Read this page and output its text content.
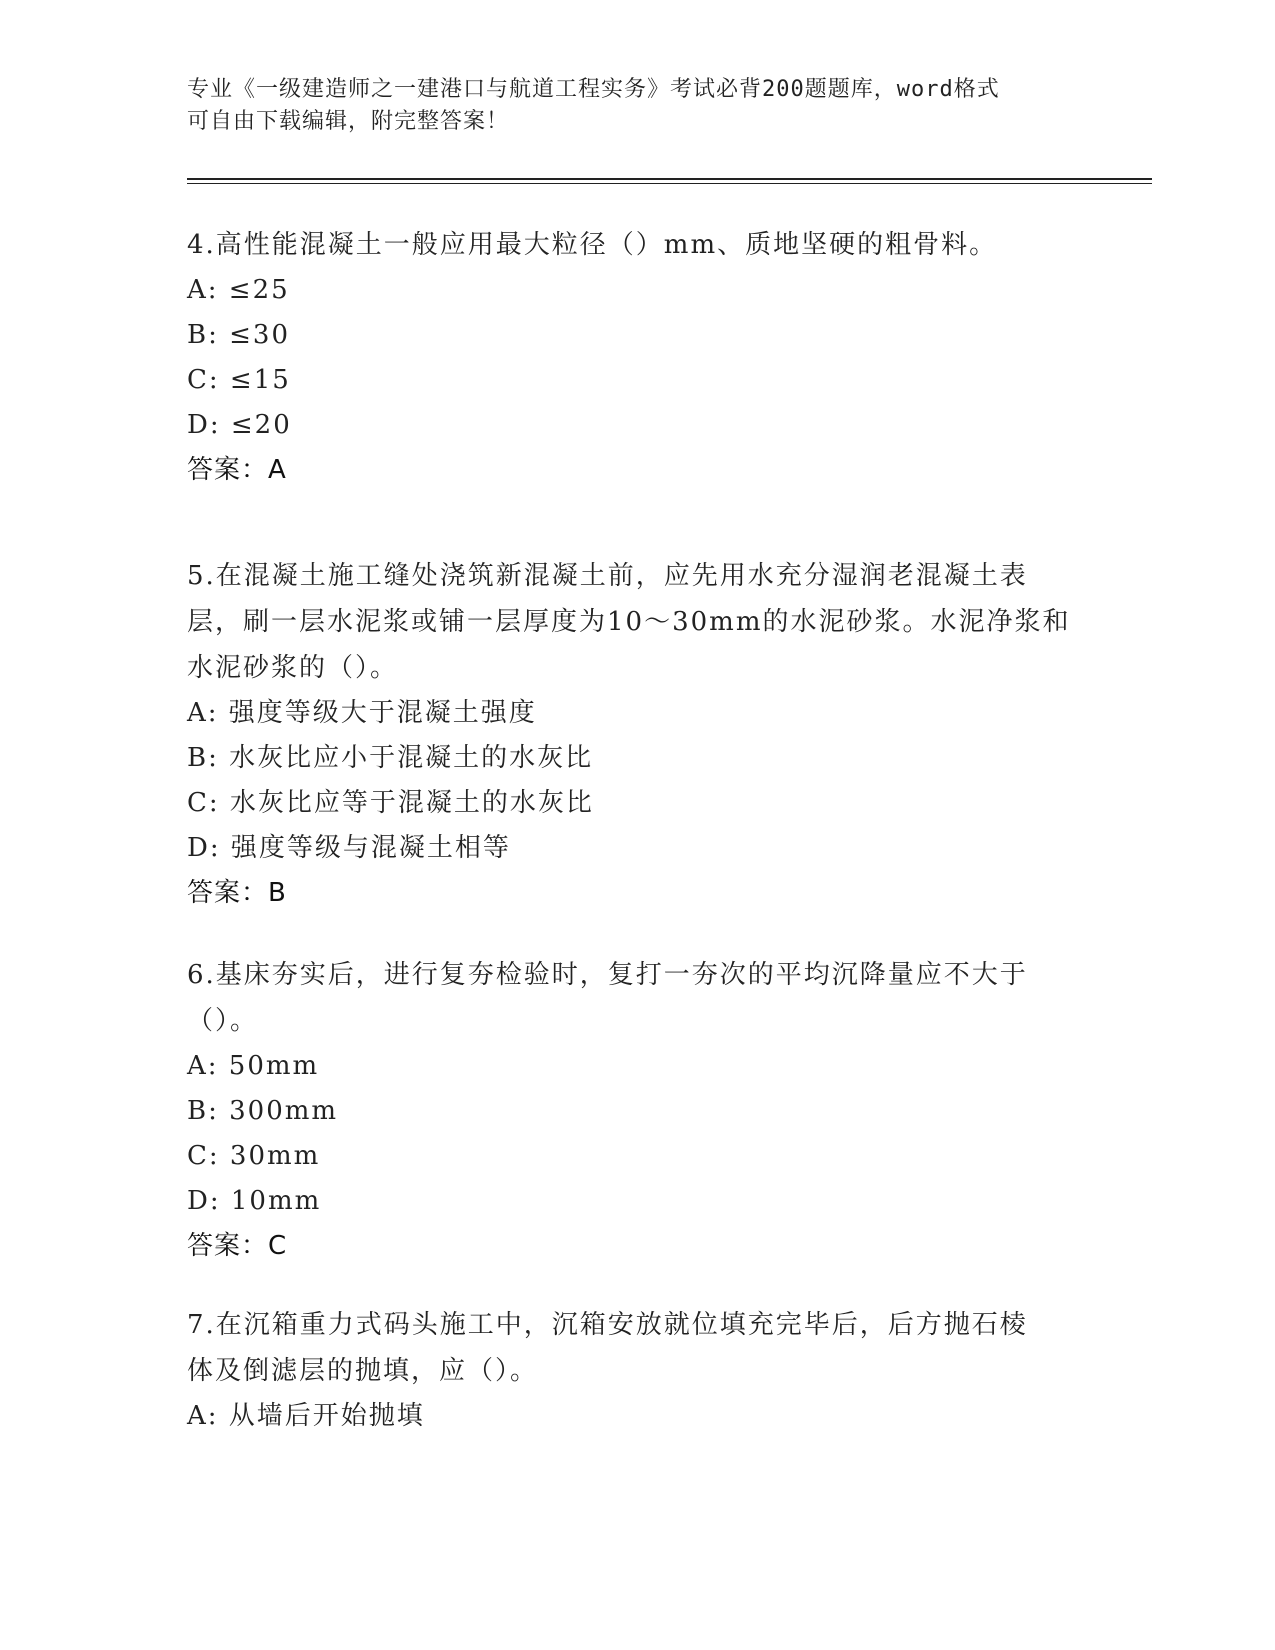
专业《一级建造师之一建港口与航道工程实务》考试必背200题题库，word格式
可自由下载编辑，附完整答案！
4.高性能混凝土一般应用最大粒径（）mm、质地坚硬的粗骨料。
A: ≤25
B: ≤30
C: ≤15
D: ≤20
答案：A
5.在混凝土施工缝处浇筑新混凝土前，应先用水充分湿润老混凝土表
层，刷一层水泥浆或铺一层厚度为10～30mm的水泥砂浆。水泥净浆和
水泥砂浆的（）。
A: 强度等级大于混凝土强度
B: 水灰比应小于混凝土的水灰比
C: 水灰比应等于混凝土的水灰比
D: 强度等级与混凝土相等
答案：B
6.基床夯实后，进行复夯检验时，复打一夯次的平均沉降量应不大于
（）。
A: 50mm
B: 300mm
C: 30mm
D: 10mm
答案：C
7.在沉箱重力式码头施工中，沉箱安放就位填充完毕后，后方抛石棱
体及倒滤层的抛填，应（）。
A: 从墙后开始抛填
